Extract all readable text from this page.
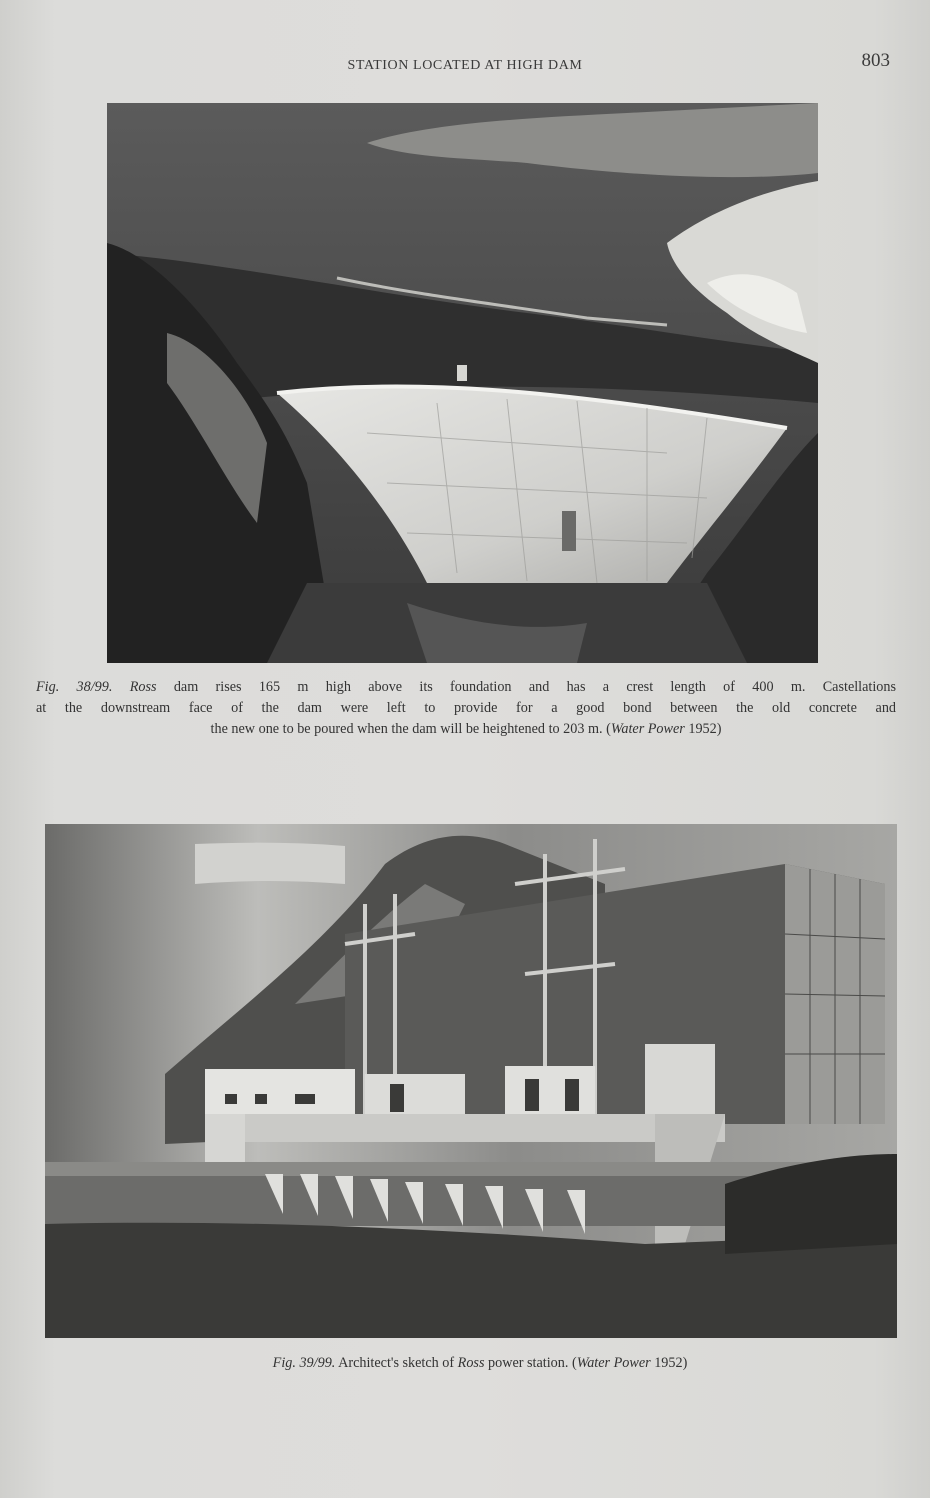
STATION LOCATED AT HIGH DAM	803
Fig. 38/99. Ross dam rises 165 m high above its foundation and has a crest length of 400 m. Castellations
at the downstream face of the dam were left to provide for a good bond between the old concrete and
the new one to be poured when the dam will be heightened to 203 m. (Water Power 1952)
Fig. 39/99. Architect's sketch of Ross power station. (Water Power 1952)
